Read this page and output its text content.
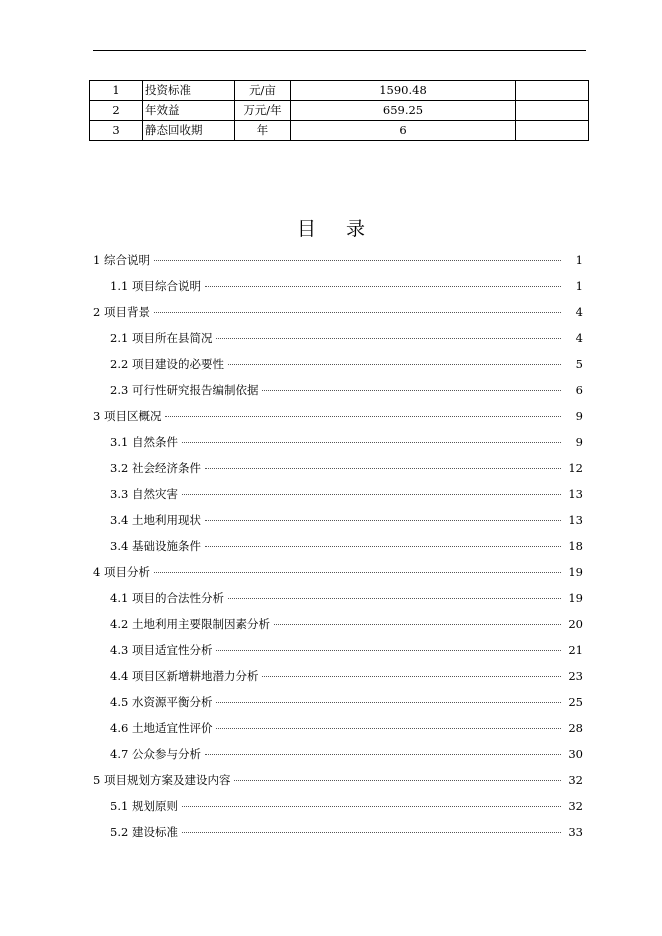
1	投资标准	元/亩	1590.48	
2	年效益	万元/年	659.25	
3	静态回收期	年	6	
目录
1 综合说明	1
1.1 项目综合说明	1
2 项目背景	4
2.1 项目所在县简况	4
2.2 项目建设的必要性	5
2.3 可行性研究报告编制依据	6
3 项目区概况	9
3.1 自然条件	9
3.2 社会经济条件	12
3.3 自然灾害	13
3.4 土地利用现状	13
3.4 基础设施条件	18
4 项目分析	19
4.1 项目的合法性分析	19
4.2 土地利用主要限制因素分析	20
4.3 项目适宜性分析	21
4.4 项目区新增耕地潜力分析	23
4.5 水资源平衡分析	25
4.6 土地适宜性评价	28
4.7 公众参与分析	30
5 项目规划方案及建设内容	32
5.1 规划原则	32
5.2 建设标准	33
